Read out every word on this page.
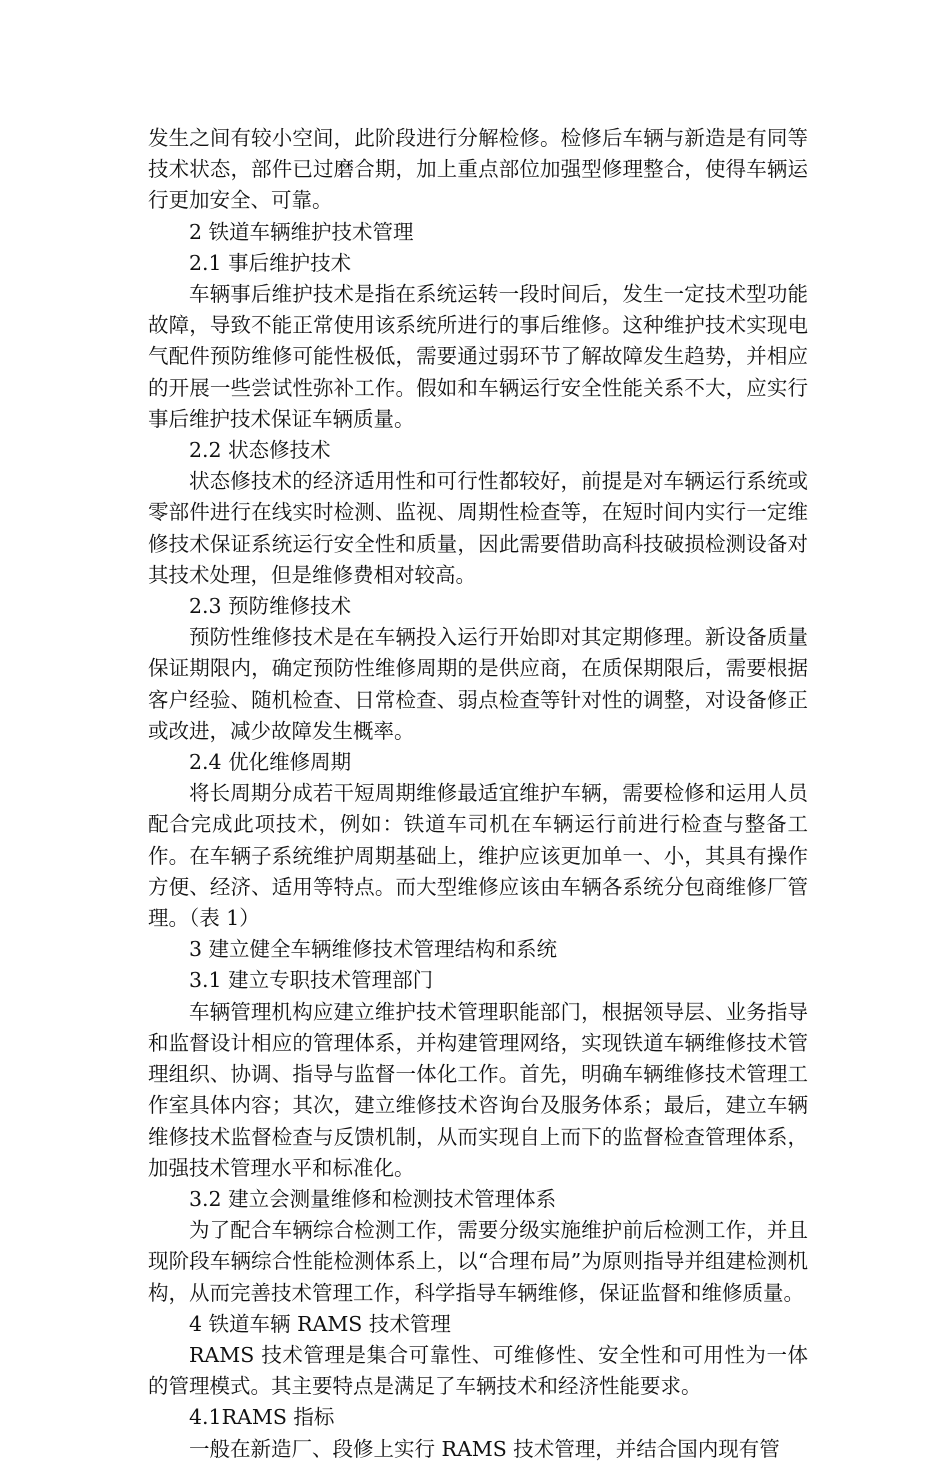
发生之间有较小空间，此阶段进行分解检修。检修后车辆与新造是有同等技术状态，部件已过磨合期，加上重点部位加强型修理整合，使得车辆运行更加安全、可靠。

2 铁道车辆维护技术管理

2.1 事后维护技术

车辆事后维护技术是指在系统运转一段时间后，发生一定技术型功能故障，导致不能正常使用该系统所进行的事后维修。这种维护技术实现电气配件预防维修可能性极低，需要通过弱环节了解故障发生趋势，并相应的开展一些尝试性弥补工作。假如和车辆运行安全性能关系不大，应实行事后维护技术保证车辆质量。

2.2 状态修技术

状态修技术的经济适用性和可行性都较好，前提是对车辆运行系统或零部件进行在线实时检测、监视、周期性检查等，在短时间内实行一定维修技术保证系统运行安全性和质量，因此需要借助高科技破损检测设备对其技术处理，但是维修费相对较高。

2.3 预防维修技术

预防性维修技术是在车辆投入运行开始即对其定期修理。新设备质量保证期限内，确定预防性维修周期的是供应商，在质保期限后，需要根据客户经验、随机检查、日常检查、弱点检查等针对性的调整，对设备修正或改进，减少故障发生概率。

2.4 优化维修周期

将长周期分成若干短周期维修最适宜维护车辆，需要检修和运用人员配合完成此项技术，例如：铁道车司机在车辆运行前进行检查与整备工作。在车辆子系统维护周期基础上，维护应该更加单一、小，其具有操作方便、经济、适用等特点。而大型维修应该由车辆各系统分包商维修厂管理。（表 1）

3 建立健全车辆维修技术管理结构和系统

3.1 建立专职技术管理部门

车辆管理机构应建立维护技术管理职能部门，根据领导层、业务指导和监督设计相应的管理体系，并构建管理网络，实现铁道车辆维修技术管理组织、协调、指导与监督一体化工作。首先，明确车辆维修技术管理工作室具体内容；其次，建立维修技术咨询台及服务体系；最后，建立车辆维修技术监督检查与反馈机制，从而实现自上而下的监督检查管理体系，加强技术管理水平和标准化。

3.2 建立会测量维修和检测技术管理体系

为了配合车辆综合检测工作，需要分级实施维护前后检测工作，并且现阶段车辆综合性能检测体系上，以“合理布局”为原则指导并组建检测机构，从而完善技术管理工作，科学指导车辆维修，保证监督和维修质量。

4 铁道车辆 RAMS 技术管理

RAMS 技术管理是集合可靠性、可维修性、安全性和可用性为一体的管理模式。其主要特点是满足了车辆技术和经济性能要求。

4.1RAMS 指标

一般在新造厂、段修上实行 RAMS 技术管理，并结合国内现有管
